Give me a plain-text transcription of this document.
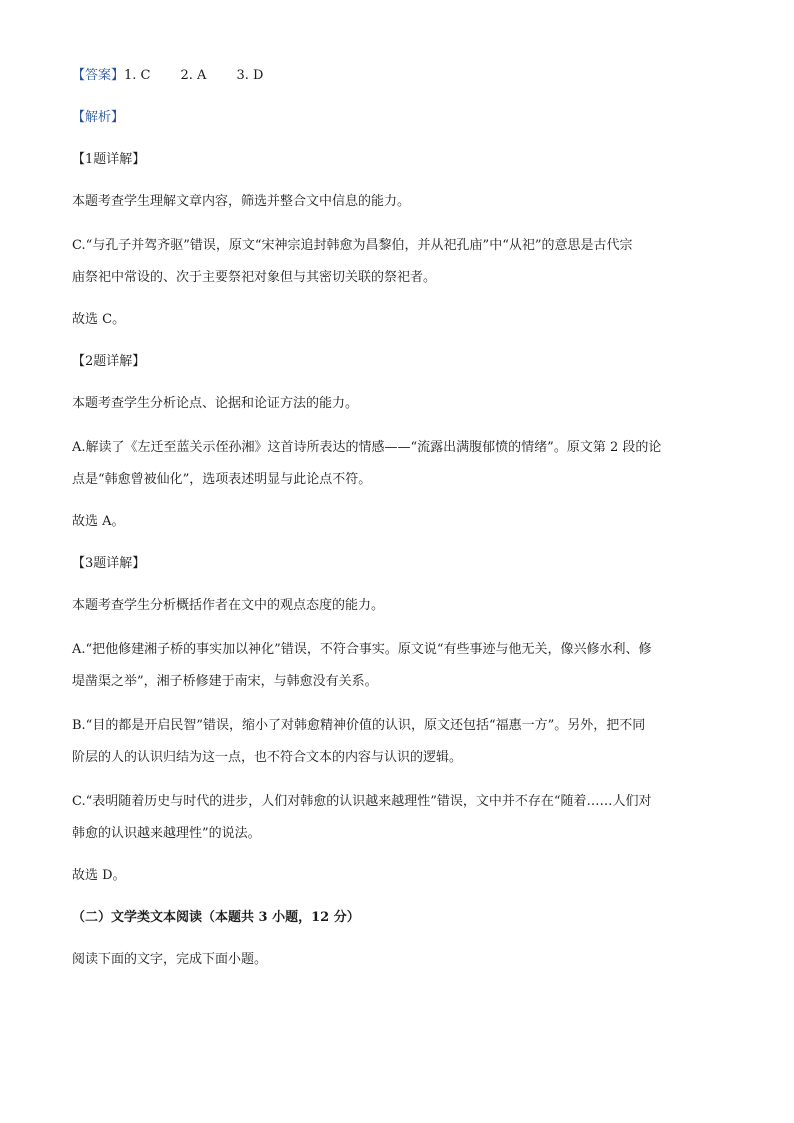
【答案】1. C 2. A 3. D
【解析】
【1题详解】
本题考查学生理解文章内容，筛选并整合文中信息的能力。
C.“与孔子并驾齐驱”错误，原文“宋神宗追封韩愈为昌黎伯，并从祀孔庙”中“从祀”的意思是古代宗
庙祭祀中常设的、次于主要祭祀对象但与其密切关联的祭祀者。
故选 C。
【2题详解】
本题考查学生分析论点、论据和论证方法的能力。
A.解读了《左迁至蓝关示侄孙湘》这首诗所表达的情感——“流露出满腹郁愤的情绪”。原文第 2 段的论
点是“韩愈曾被仙化”，选项表述明显与此论点不符。
故选 A。
【3题详解】
本题考查学生分析概括作者在文中的观点态度的能力。
A.“把他修建湘子桥的事实加以神化”错误，不符合事实。原文说“有些事迹与他无关，像兴修水利、修
堤凿渠之举”，湘子桥修建于南宋，与韩愈没有关系。
B.“目的都是开启民智”错误，缩小了对韩愈精神价值的认识，原文还包括“福惠一方”。另外，把不同
阶层的人的认识归结为这一点，也不符合文本的内容与认识的逻辑。
C.“表明随着历史与时代的进步，人们对韩愈的认识越来越理性”错误，文中并不存在“随着……人们对
韩愈的认识越来越理性”的说法。
故选 D。
（二）文学类文本阅读（本题共 3 小题，12 分）
阅读下面的文字，完成下面小题。
